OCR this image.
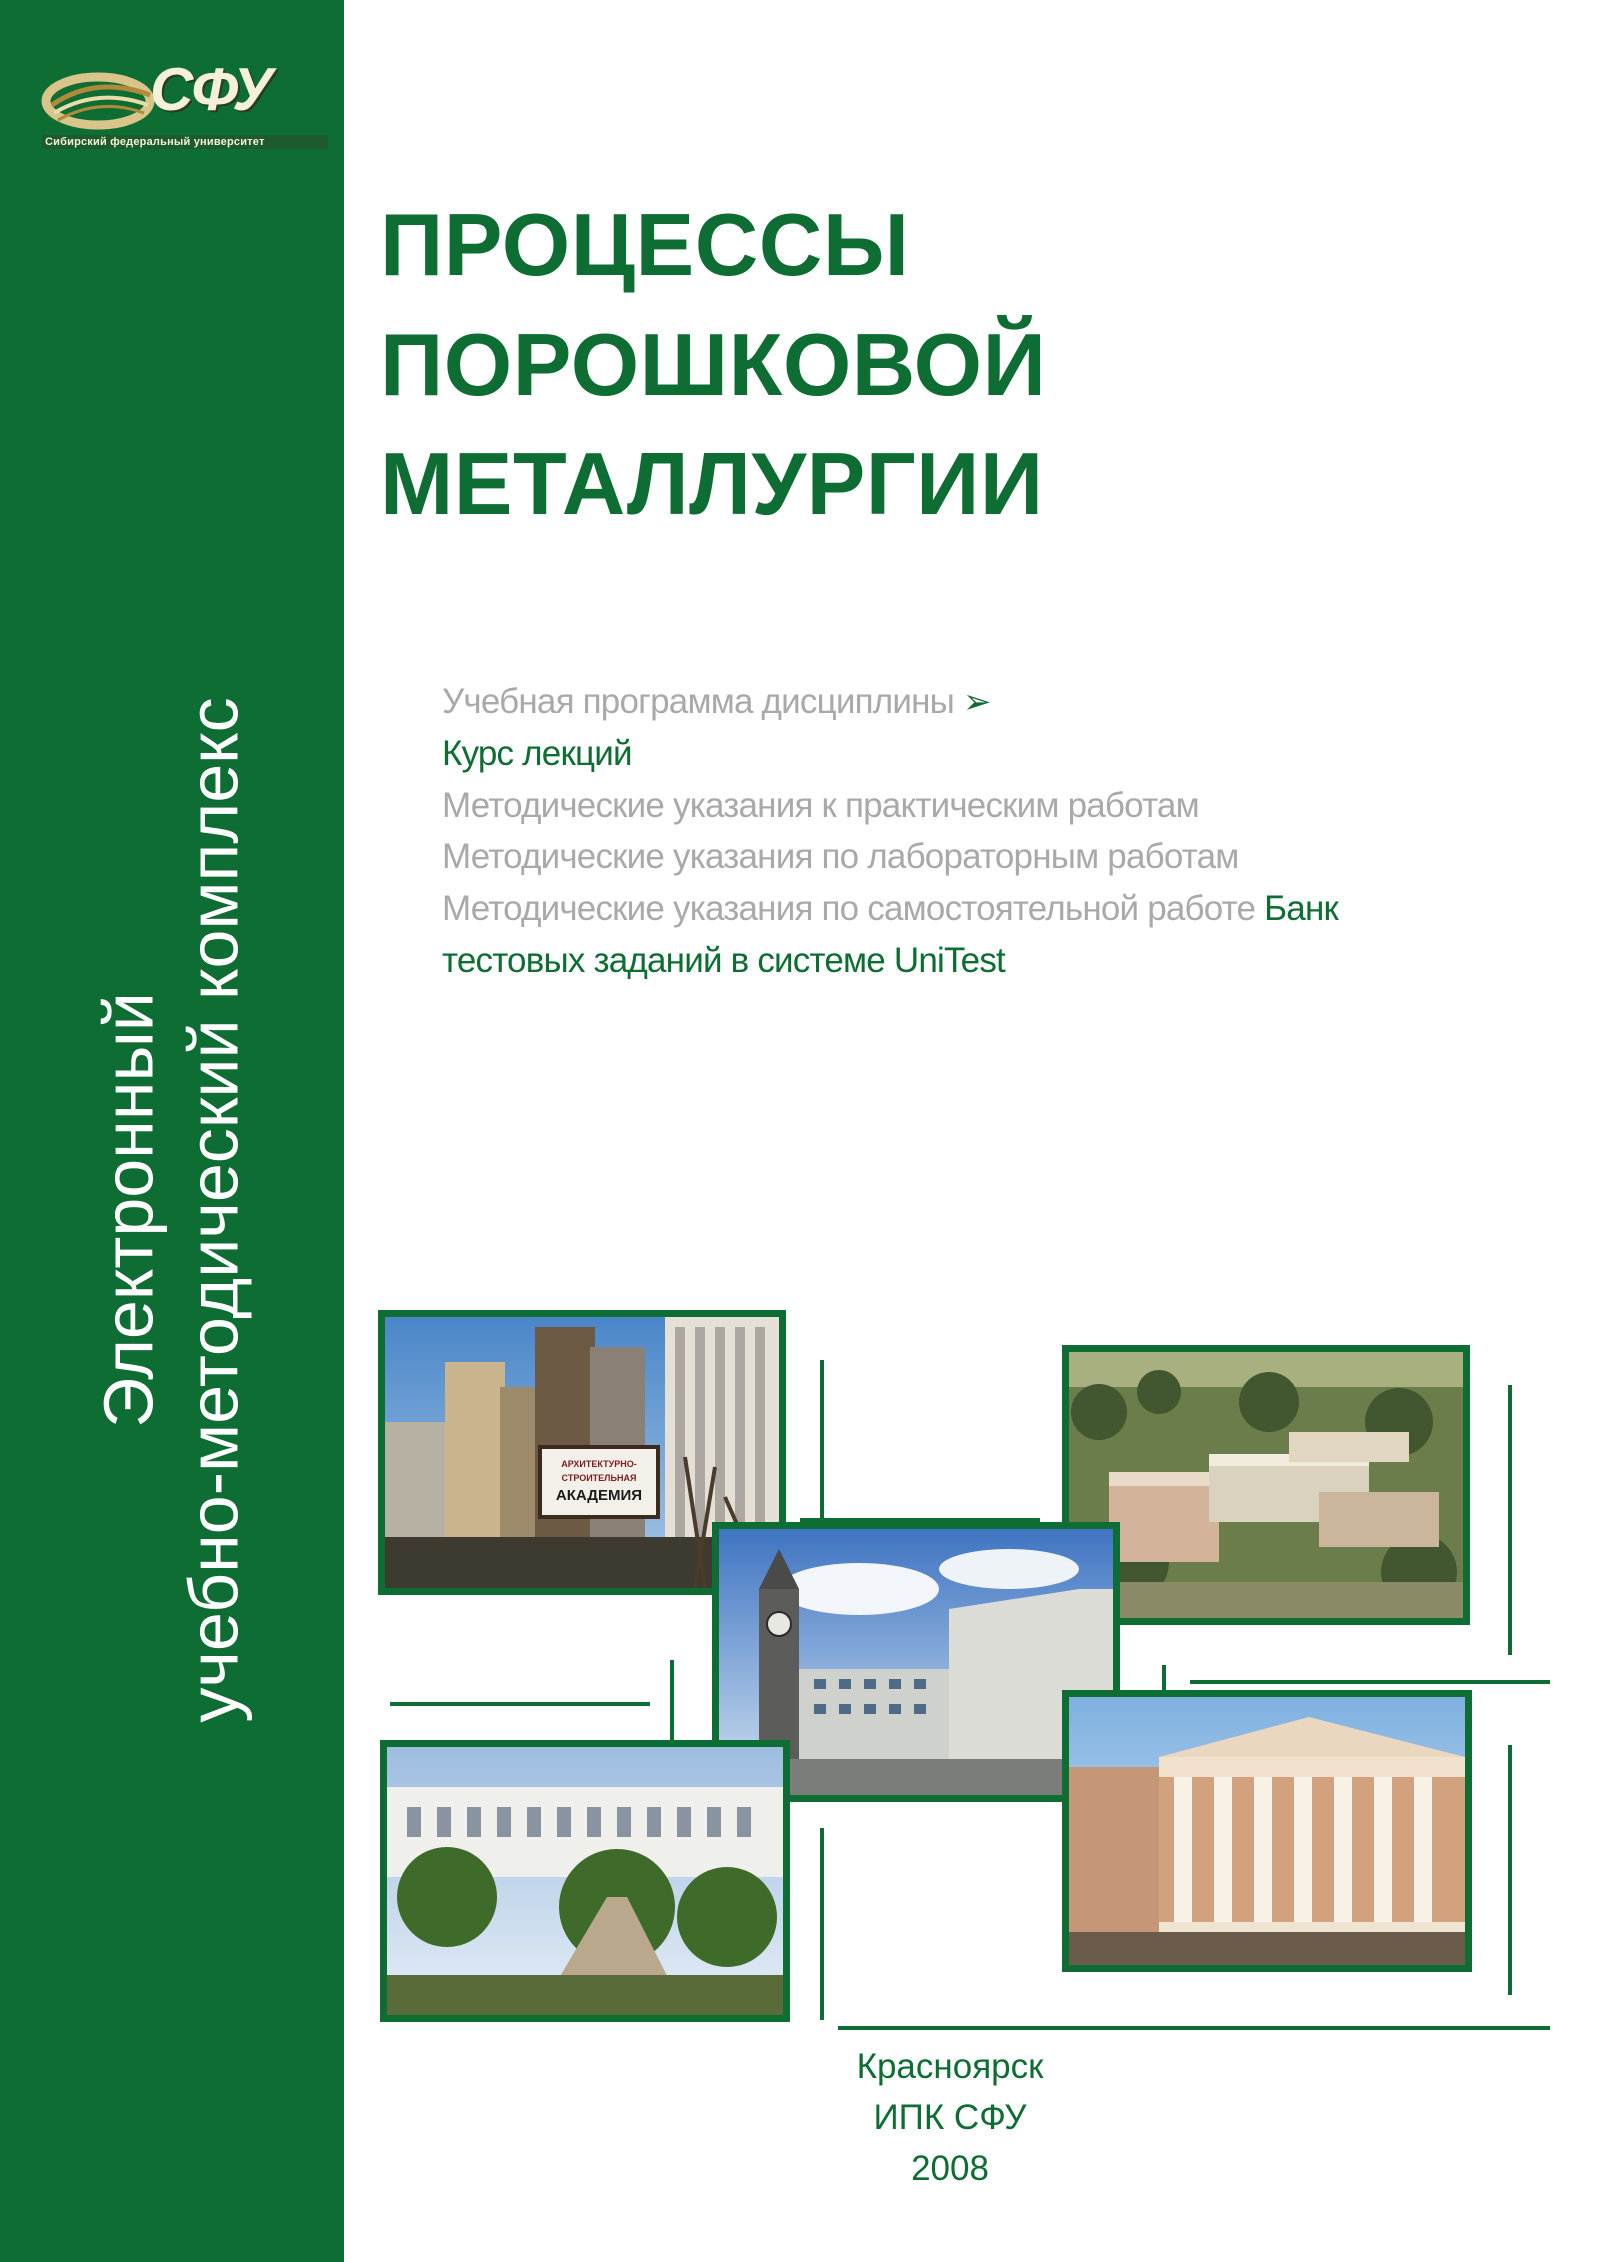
СФУ
Сибирский федеральный университет
Электронный учебно-методический комплекс
ПРОЦЕССЫ
ПОРОШКОВОЙ
МЕТАЛЛУРГИИ
Учебная программа дисциплины ➢
Курс лекций
Методические указания к практическим работам Методические указания по лабораторным работам Методические указания по самостоятельной работе Банк тестовых заданий в системе UniTest
АРХИТЕКТУРНО-
СТРОИТЕЛЬНАЯ
АКАДЕМИЯ
Красноярск
ИПК СФУ
2008
